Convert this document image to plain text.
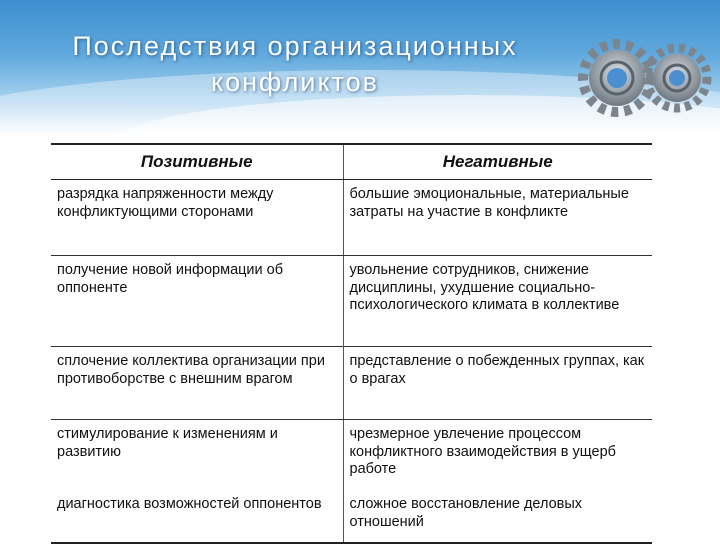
Последствия организационных
конфликтов
Позитивные	Негативные
разрядка напряженности между конфликтующими сторонами	большие эмоциональные, материальные затраты на участие в конфликте
получение новой информации об оппоненте	увольнение сотрудников, снижение дисциплины, ухудшение социально-психологического климата в коллективе
сплочение коллектива организации при противоборстве с внешним врагом	представление о побежденных группах, как о врагах
стимулирование к изменениям и развитию	чрезмерное увлечение процессом конфликтного взаимодействия в ущерб работе
диагностика возможностей оппонентов	сложное восстановление деловых отношений
